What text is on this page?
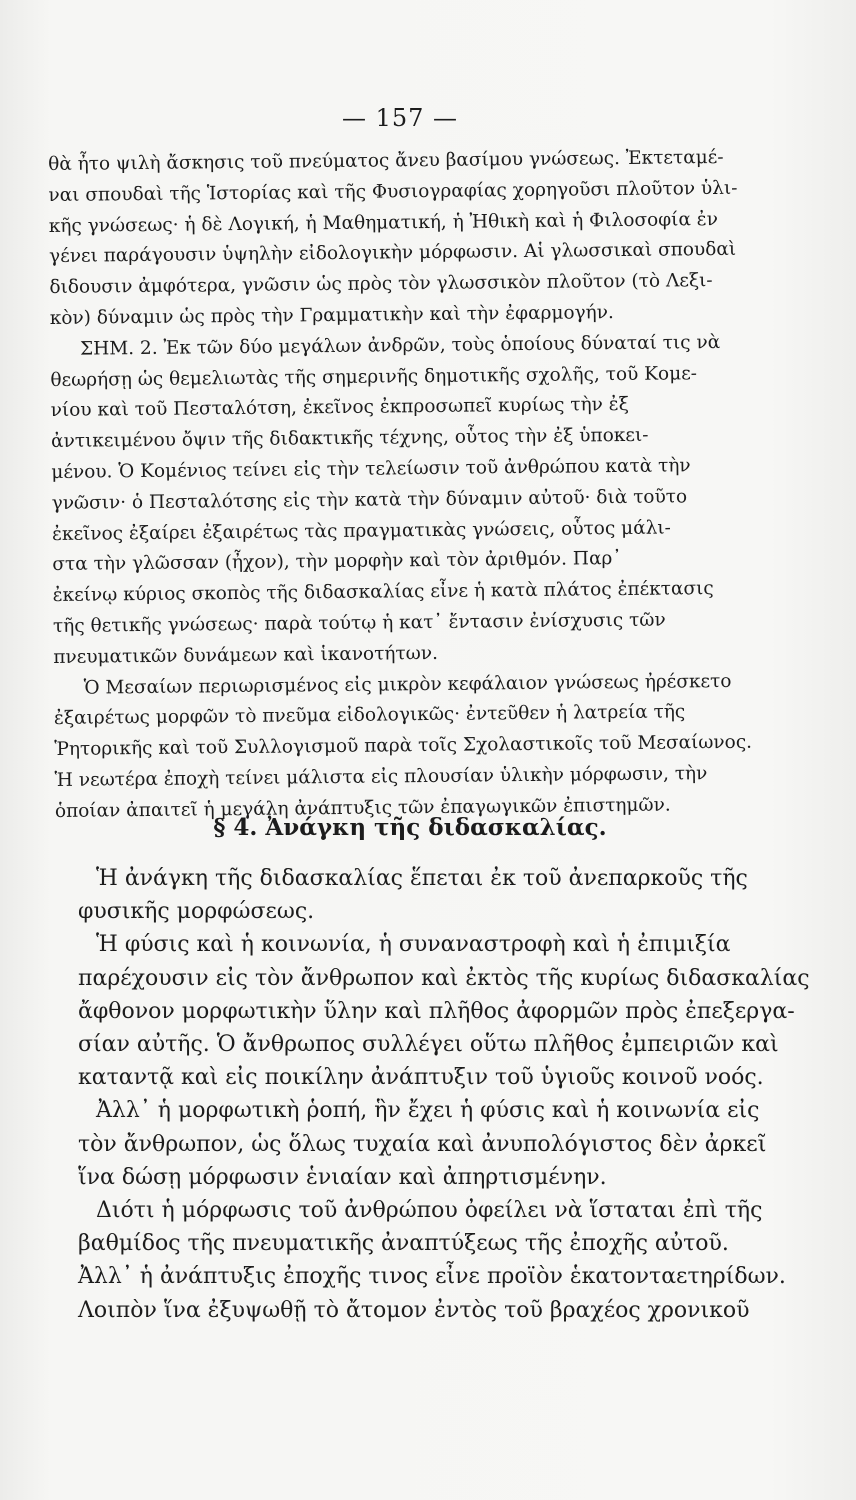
— 157 —
θὰ ἦτο ψιλὴ ἄσκησις τοῦ πνεύματος ἄνευ βασίμου γνώσεως. Ἐκτεταμέ-
ναι σπουδαὶ τῆς Ἱστορίας καὶ τῆς Φυσιογραφίας χορηγοῦσι πλοῦτον ὑλι-
κῆς γνώσεως· ἡ δὲ Λογική, ἡ Μαθηματική, ἡ Ἠθικὴ καὶ ἡ Φιλοσοφία ἐν
γένει παράγουσιν ὑψηλὴν εἰδολογικὴν μόρφωσιν. Αἱ γλωσσικαὶ σπουδαὶ
διδουσιν ἀμφότερα, γνῶσιν ὡς πρὸς τὸν γλωσσικὸν πλοῦτον (τὸ Λεξι-
κὸν) δύναμιν ὡς πρὸς τὴν Γραμματικὴν καὶ τὴν ἐφαρμογήν.
ΣΗΜ. 2. Ἐκ τῶν δύο μεγάλων ἀνδρῶν, τοὺς ὁποίους δύναταί τις νὰ
θεωρήσῃ ὡς θεμελιωτὰς τῆς σημερινῆς δημοτικῆς σχολῆς, τοῦ Κομε-
νίου καὶ τοῦ Πεσταλότση, ἐκεῖνος ἐκπροσωπεῖ κυρίως τὴν ἐξ
ἀντικειμένου ὄψιν τῆς διδακτικῆς τέχνης, οὗτος τὴν ἐξ ὑποκει-
μένου. Ὁ Κομένιος τείνει εἰς τὴν τελείωσιν τοῦ ἀνθρώπου κατὰ τὴν
γνῶσιν· ὁ Πεσταλότσης εἰς τὴν κατὰ τὴν δύναμιν αὐτοῦ· διὰ τοῦτο
ἐκεῖνος ἐξαίρει ἐξαιρέτως τὰς πραγματικὰς γνώσεις, οὗτος μάλι-
στα τὴν γλῶσσαν (ἦχον), τὴν μορφὴν καὶ τὸν ἀριθμόν. Παρ᾽
ἐκείνῳ κύριος σκοπὸς τῆς διδασκαλίας εἶνε ἡ κατὰ πλάτος ἐπέκτασις
τῆς θετικῆς γνώσεως· παρὰ τούτῳ ἡ κατ᾽ ἔντασιν ἐνίσχυσις τῶν
πνευματικῶν δυνάμεων καὶ ἱκανοτήτων.
Ὁ Μεσαίων περιωρισμένος εἰς μικρὸν κεφάλαιον γνώσεως ἠρέσκετο
ἐξαιρέτως μορφῶν τὸ πνεῦμα εἰδολογικῶς· ἐντεῦθεν ἡ λατρεία τῆς
Ῥητορικῆς καὶ τοῦ Συλλογισμοῦ παρὰ τοῖς Σχολαστικοῖς τοῦ Μεσαίωνος.
Ἡ νεωτέρα ἐποχὴ τείνει μάλιστα εἰς πλουσίαν ὑλικὴν μόρφωσιν, τὴν
ὁποίαν ἀπαιτεῖ ἡ μεγάλη ἀνάπτυξις τῶν ἐπαγωγικῶν ἐπιστημῶν.
§ 4. Ἀνάγκη τῆς διδασκαλίας.
Ἡ ἀνάγκη τῆς διδασκαλίας ἕπεται ἐκ τοῦ ἀνεπαρκοῦς τῆς
φυσικῆς μορφώσεως.
Ἡ φύσις καὶ ἡ κοινωνία, ἡ συναναστροφὴ καὶ ἡ ἐπιμιξία
παρέχουσιν εἰς τὸν ἄνθρωπον καὶ ἐκτὸς τῆς κυρίως διδασκαλίας
ἄφθονον μορφωτικὴν ὕλην καὶ πλῆθος ἀφορμῶν πρὸς ἐπεξεργα-
σίαν αὐτῆς. Ὁ ἄνθρωπος συλλέγει οὕτω πλῆθος ἐμπειριῶν καὶ
καταντᾷ καὶ εἰς ποικίλην ἀνάπτυξιν τοῦ ὑγιοῦς κοινοῦ νοός.
Ἀλλ᾽ ἡ μορφωτικὴ ῥοπή, ἣν ἔχει ἡ φύσις καὶ ἡ κοινωνία εἰς
τὸν ἄνθρωπον, ὡς ὅλως τυχαία καὶ ἀνυπολόγιστος δὲν ἀρκεῖ
ἵνα δώσῃ μόρφωσιν ἑνιαίαν καὶ ἀπηρτισμένην.
Διότι ἡ μόρφωσις τοῦ ἀνθρώπου ὀφείλει νὰ ἵσταται ἐπὶ τῆς
βαθμίδος τῆς πνευματικῆς ἀναπτύξεως τῆς ἐποχῆς αὐτοῦ.
Ἀλλ᾽ ἡ ἀνάπτυξις ἐποχῆς τινος εἶνε προϊὸν ἑκατονταετηρίδων.
Λοιπὸν ἵνα ἐξυψωθῇ τὸ ἄτομον ἐντὸς τοῦ βραχέος χρονικοῦ
